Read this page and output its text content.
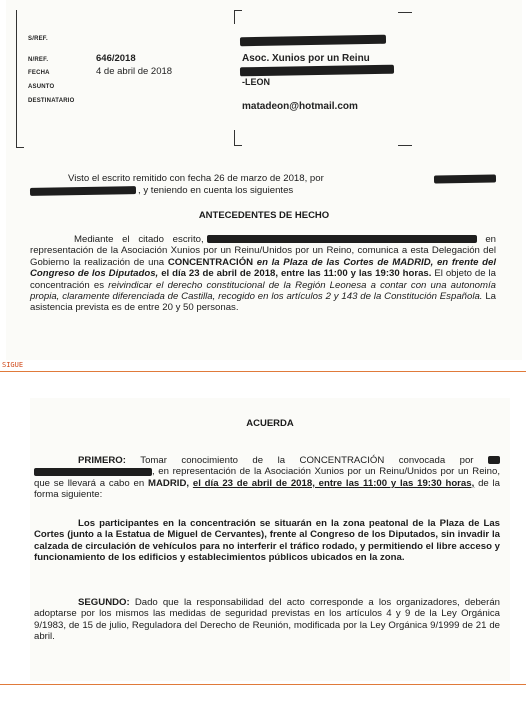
S/REF.
N/REF.
FECHA
ASUNTO
DESTINATARIO
646/2018
4 de abril de 2018
Asoc. Xunios por un Reinu
-LEON
matadeon@hotmail.com
Visto el escrito remitido con fecha 26 de marzo de 2018, por
, y teniendo en cuenta los siguientes
ANTECEDENTES DE HECHO
Mediante el citado escrito,	en representación de la Asociación Xunios por un Reinu/Unidos por un Reino, comunica a esta Delegación del Gobierno la realización de una CONCENTRACIÓN en la Plaza de las Cortes de MADRID, en frente del Congreso de los Diputados, el día 23 de abril de 2018, entre las 11:00 y las 19:30 horas. El objeto de la concentración es reivindicar el derecho constitucional de la Región Leonesa a contar con una autonomía propia, claramente diferenciada de Castilla, recogido en los artículos 2 y 143 de la Constitución Española. La asistencia prevista es de entre 20 y 50 personas.
SIGUE
ACUERDA
PRIMERO: Tomar conocimiento de la CONCENTRACIÓN convocada por  , en representación de la Asociación Xunios por un Reinu/Unidos por un Reino, que se llevará a cabo en MADRID, el día 23 de abril de 2018, entre las 11:00 y las 19:30 horas, de la forma siguiente:
Los participantes en la concentración se situarán en la zona peatonal de la Plaza de Las Cortes (junto a la Estatua de Miguel de Cervantes), frente al Congreso de los Diputados, sin invadir la calzada de circulación de vehículos para no interferir el tráfico rodado, y permitiendo el libre acceso y funcionamiento de los edificios y establecimientos públicos ubicados en la zona.
SEGUNDO: Dado que la responsabilidad del acto corresponde a los organizadores, deberán adoptarse por los mismos las medidas de seguridad previstas en los artículos 4 y 9 de la Ley Orgánica 9/1983, de 15 de julio, Reguladora del Derecho de Reunión, modificada por la Ley Orgánica 9/1999 de 21 de abril.
